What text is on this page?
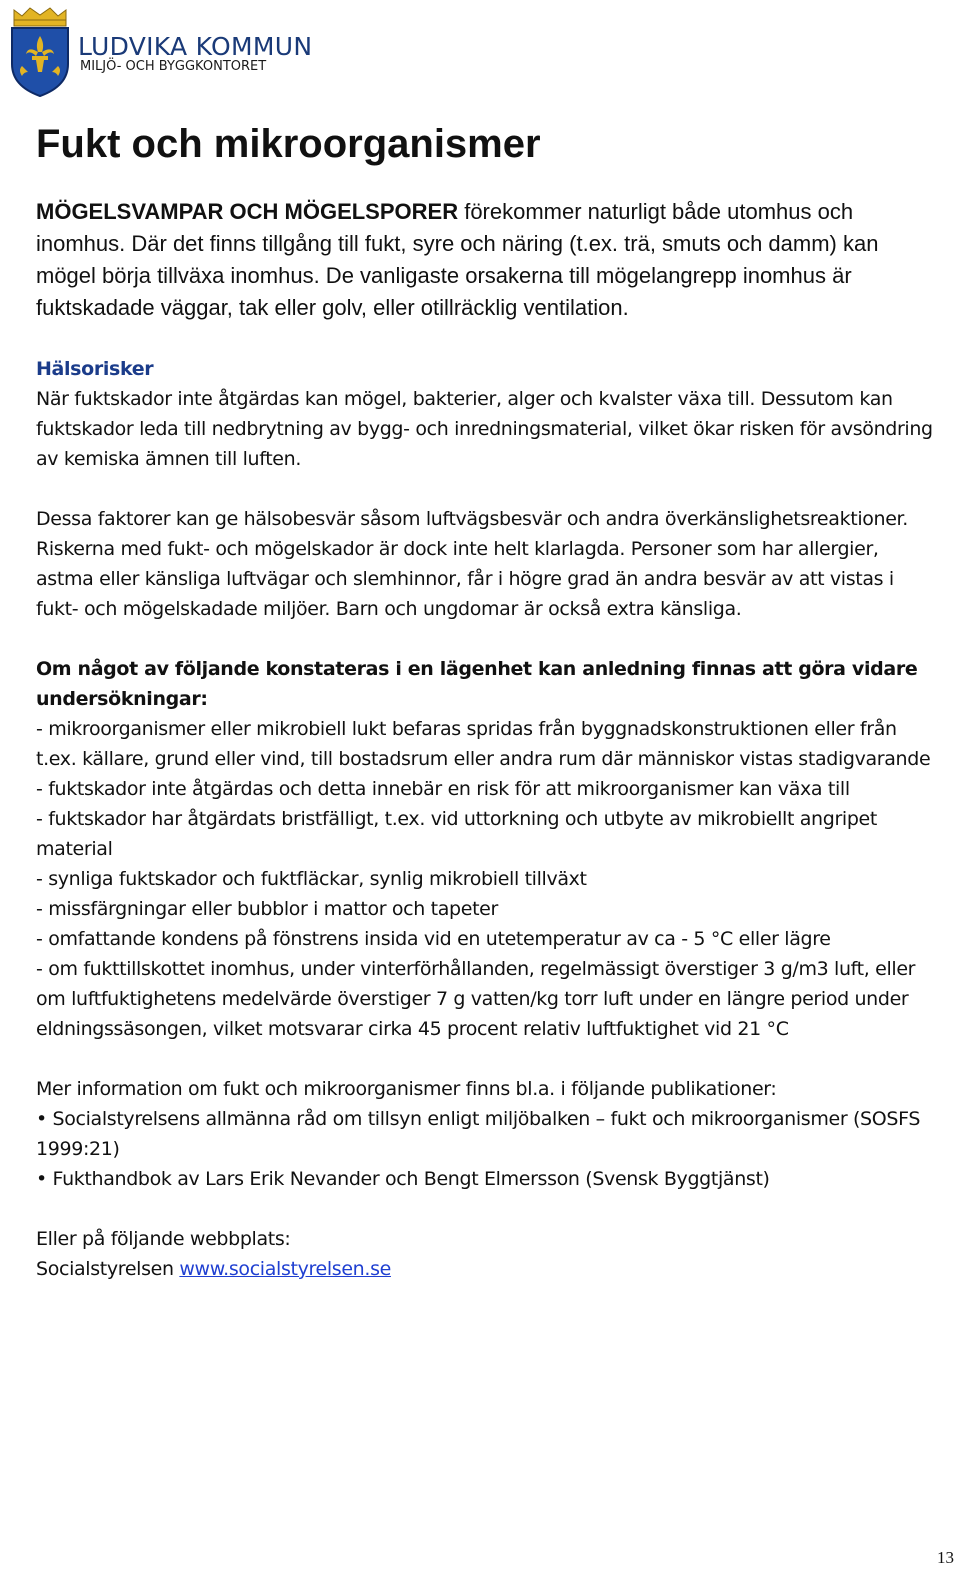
LUDVIKA KOMMUN
MILJÖ- OCH BYGGKONTORET
Fukt och mikroorganismer

MÖGELSVAMPAR OCH MÖGELSPORER förekommer naturligt både utomhus och inomhus. Där det finns tillgång till fukt, syre och näring (t.ex. trä, smuts och damm) kan mögel börja tillväxa inomhus. De vanligaste orsakerna till mögelangrepp inomhus är fuktskadade väggar, tak eller golv, eller otillräcklig ventilation.

Hälsorisker

När fuktskador inte åtgärdas kan mögel, bakterier, alger och kvalster växa till. Dessutom kan fuktskador leda till nedbrytning av bygg- och inredningsmaterial, vilket ökar risken för avsöndring av kemiska ämnen till luften.

Dessa faktorer kan ge hälsobesvär såsom luftvägsbesvär och andra överkänslighetsreaktioner. Riskerna med fukt- och mögelskador är dock inte helt klarlagda. Personer som har allergier, astma eller känsliga luftvägar och slemhinnor, får i högre grad än andra besvär av att vistas i fukt- och mögelskadade miljöer. Barn och ungdomar är också extra känsliga.

Om något av följande konstateras i en lägenhet kan anledning finnas att göra vidare undersökningar:

- mikroorganismer eller mikrobiell lukt befaras spridas från byggnadskonstruktionen eller från t.ex. källare, grund eller vind, till bostadsrum eller andra rum där människor vistas stadigvarande

- fuktskador inte åtgärdas och detta innebär en risk för att mikroorganismer kan växa till

- fuktskador har åtgärdats bristfälligt, t.ex. vid uttorkning och utbyte av mikrobiellt angripet material

- synliga fuktskador och fuktfläckar, synlig mikrobiell tillväxt

- missfärgningar eller bubblor i mattor och tapeter

- omfattande kondens på fönstrens insida vid en utetemperatur av ca - 5 °C eller lägre

- om fukttillskottet inomhus, under vinterförhållanden, regelmässigt överstiger 3 g/m3 luft, eller om luftfuktighetens medelvärde överstiger 7 g vatten/kg torr luft under en längre period under eldningssäsongen, vilket motsvarar cirka 45 procent relativ luftfuktighet vid 21 °C

Mer information om fukt och mikroorganismer finns bl.a. i följande publikationer:

• Socialstyrelsens allmänna råd om tillsyn enligt miljöbalken – fukt och mikroorganismer (SOSFS 1999:21)

• Fukthandbok av Lars Erik Nevander och Bengt Elmersson (Svensk Byggtjänst)

Eller på följande webbplats:

Socialstyrelsen www.socialstyrelsen.se

13
